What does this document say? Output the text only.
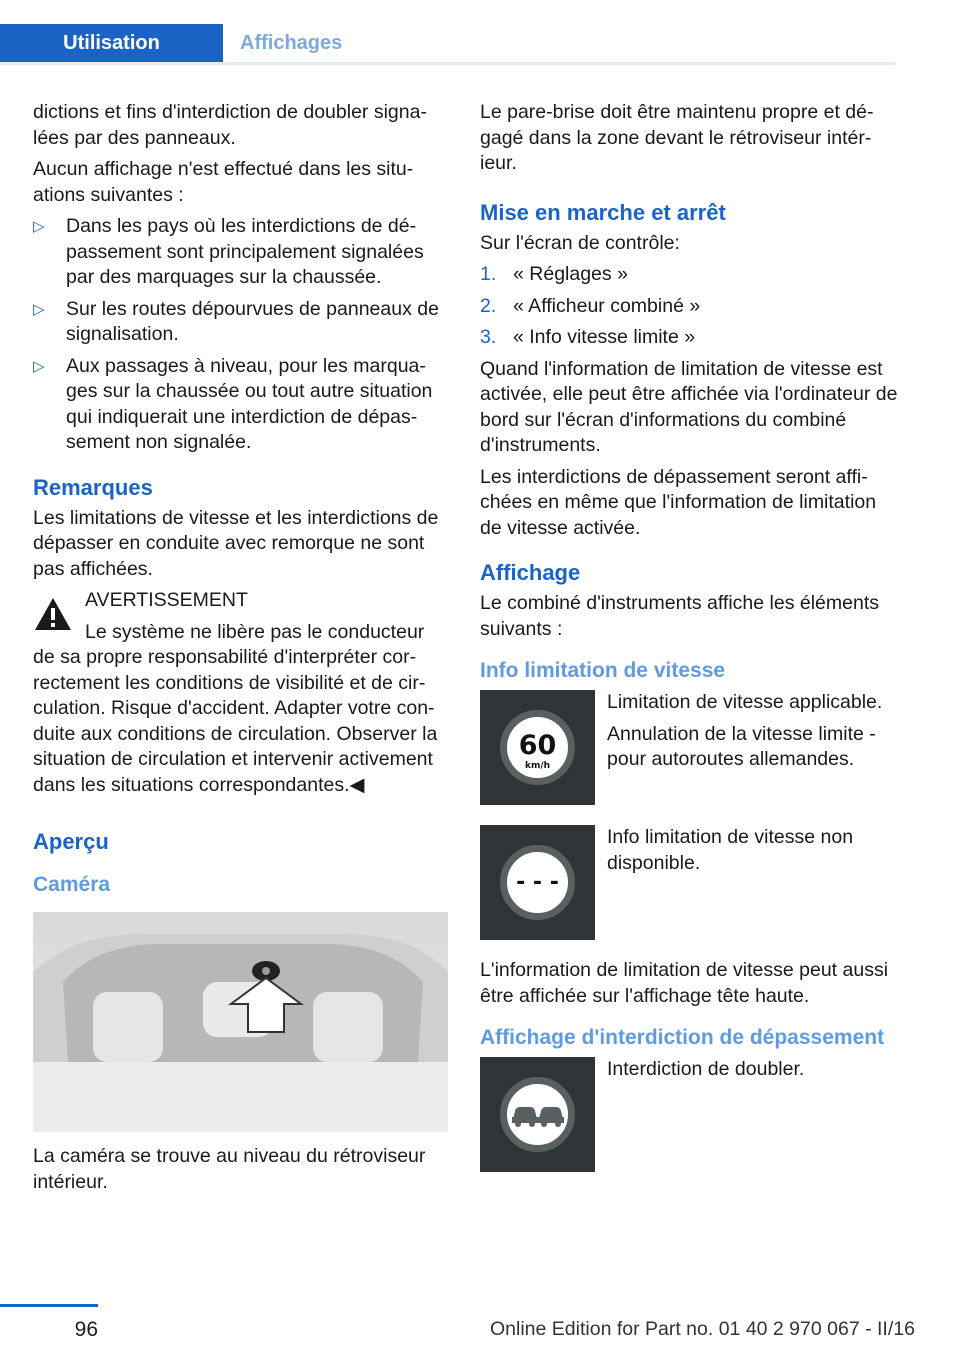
Utilisation	Affichages

dictions et fins d'interdiction de doubler signalées par des panneaux.

Aucun affichage n'est effectué dans les situations suivantes :

▷ Dans les pays où les interdictions de dépassement sont principalement signalées par des marquages sur la chaussée.
▷ Sur les routes dépourvues de panneaux de signalisation.
▷ Aux passages à niveau, pour les marquages sur la chaussée ou tout autre situation qui indiquerait une interdiction de dépassement non signalée.
Remarques

Les limitations de vitesse et les interdictions de dépasser en conduite avec remorque ne sont pas affichées.

AVERTISSEMENT
Le système ne libère pas le conducteur

de sa propre responsabilité d'interpréter correctement les conditions de visibilité et de circulation. Risque d'accident. Adapter votre conduite aux conditions de circulation. Observer la situation de circulation et intervenir activement dans les situations correspondantes.◀

Aperçu
Caméra

La caméra se trouve au niveau du rétroviseur intérieur.

Le pare-brise doit être maintenu propre et dégagé dans la zone devant le rétroviseur intérieur.

Mise en marche et arrêt

Sur l'écran de contrôle:

1. « Réglages »
2. « Afficheur combiné »
3. « Info vitesse limite »

Quand l'information de limitation de vitesse est activée, elle peut être affichée via l'ordinateur de bord sur l'écran d'informations du combiné d'instruments.

Les interdictions de dépassement seront affichées en même que l'information de limitation de vitesse activée.

Affichage

Le combiné d'instruments affiche les éléments suivants :

Info limitation de vitesse
60
km/h

Limitation de vitesse applicable.

Annulation de la vitesse limite - pour autoroutes allemandes.

- - -

Info limitation de vitesse non disponible.

L'information de limitation de vitesse peut aussi être affichée sur l'affichage tête haute.

Affichage d'interdiction de dépassement

Interdiction de doubler.

96	Online Edition for Part no. 01 40 2 970 067 - II/16
